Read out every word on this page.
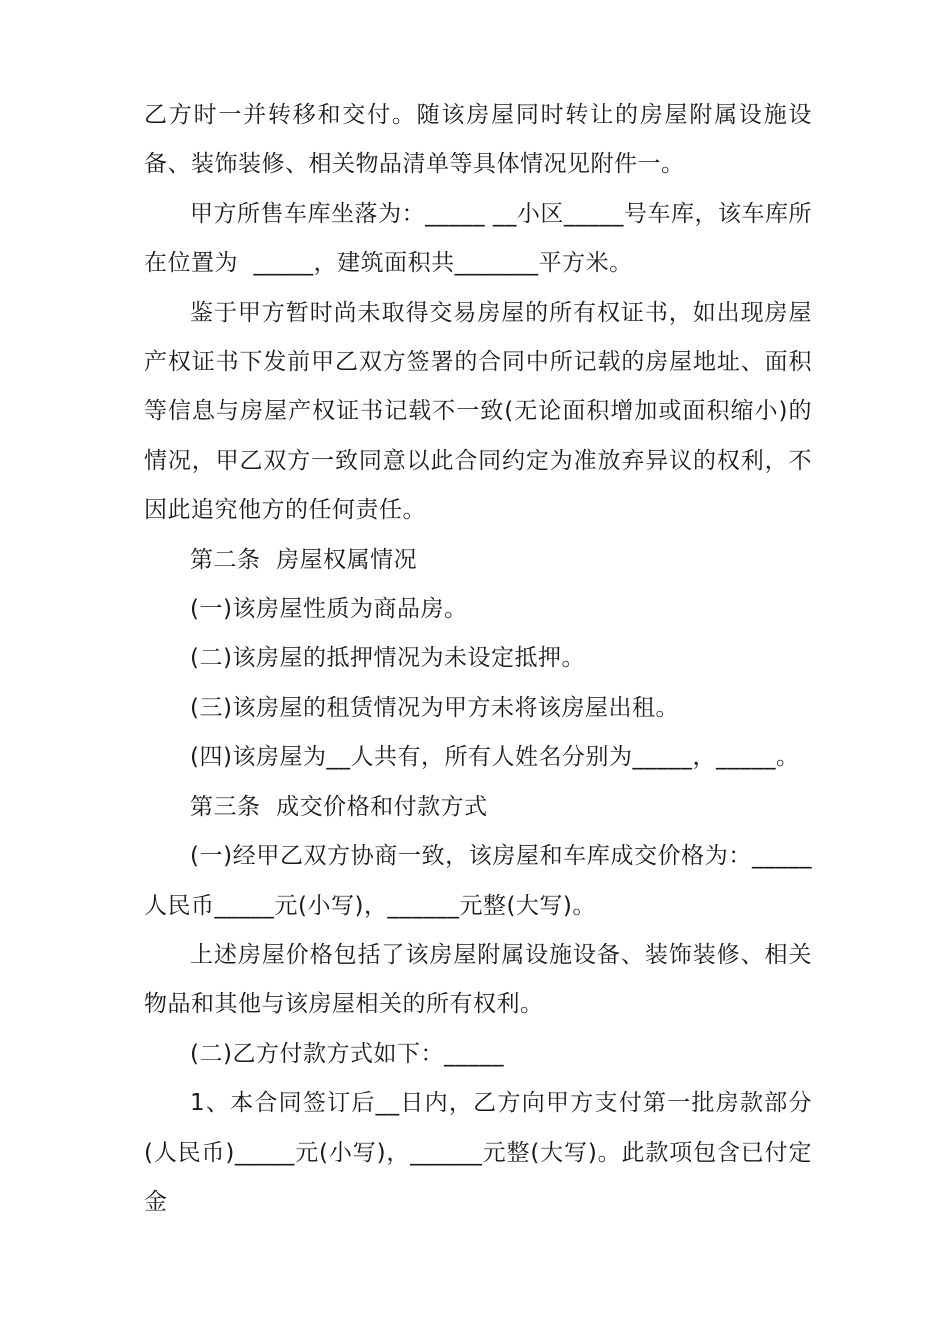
乙方时一并转移和交付。随该房屋同时转让的房屋附属设施设备、装饰装修、相关物品清单等具体情况见附件一。

甲方所售车库坐落为：_____ __小区_____号车库，该车库所在位置为  _____，建筑面积共_______平方米。

鉴于甲方暂时尚未取得交易房屋的所有权证书，如出现房屋产权证书下发前甲乙双方签署的合同中所记载的房屋地址、面积等信息与房屋产权证书记载不一致(无论面积增加或面积缩小)的情况，甲乙双方一致同意以此合同约定为准放弃异议的权利，不因此追究他方的任何责任。

第二条  房屋权属情况

(一)该房屋性质为商品房。

(二)该房屋的抵押情况为未设定抵押。

(三)该房屋的租赁情况为甲方未将该房屋出租。

(四)该房屋为__人共有，所有人姓名分别为_____，_____。

第三条  成交价格和付款方式

(一)经甲乙双方协商一致，该房屋和车库成交价格为：_____人民币_____元(小写)，______元整(大写)。

上述房屋价格包括了该房屋附属设施设备、装饰装修、相关物品和其他与该房屋相关的所有权利。

(二)乙方付款方式如下：_____

1、本合同签订后__日内，乙方向甲方支付第一批房款部分(人民币)_____元(小写)，______元整(大写)。此款项包含已付定金
